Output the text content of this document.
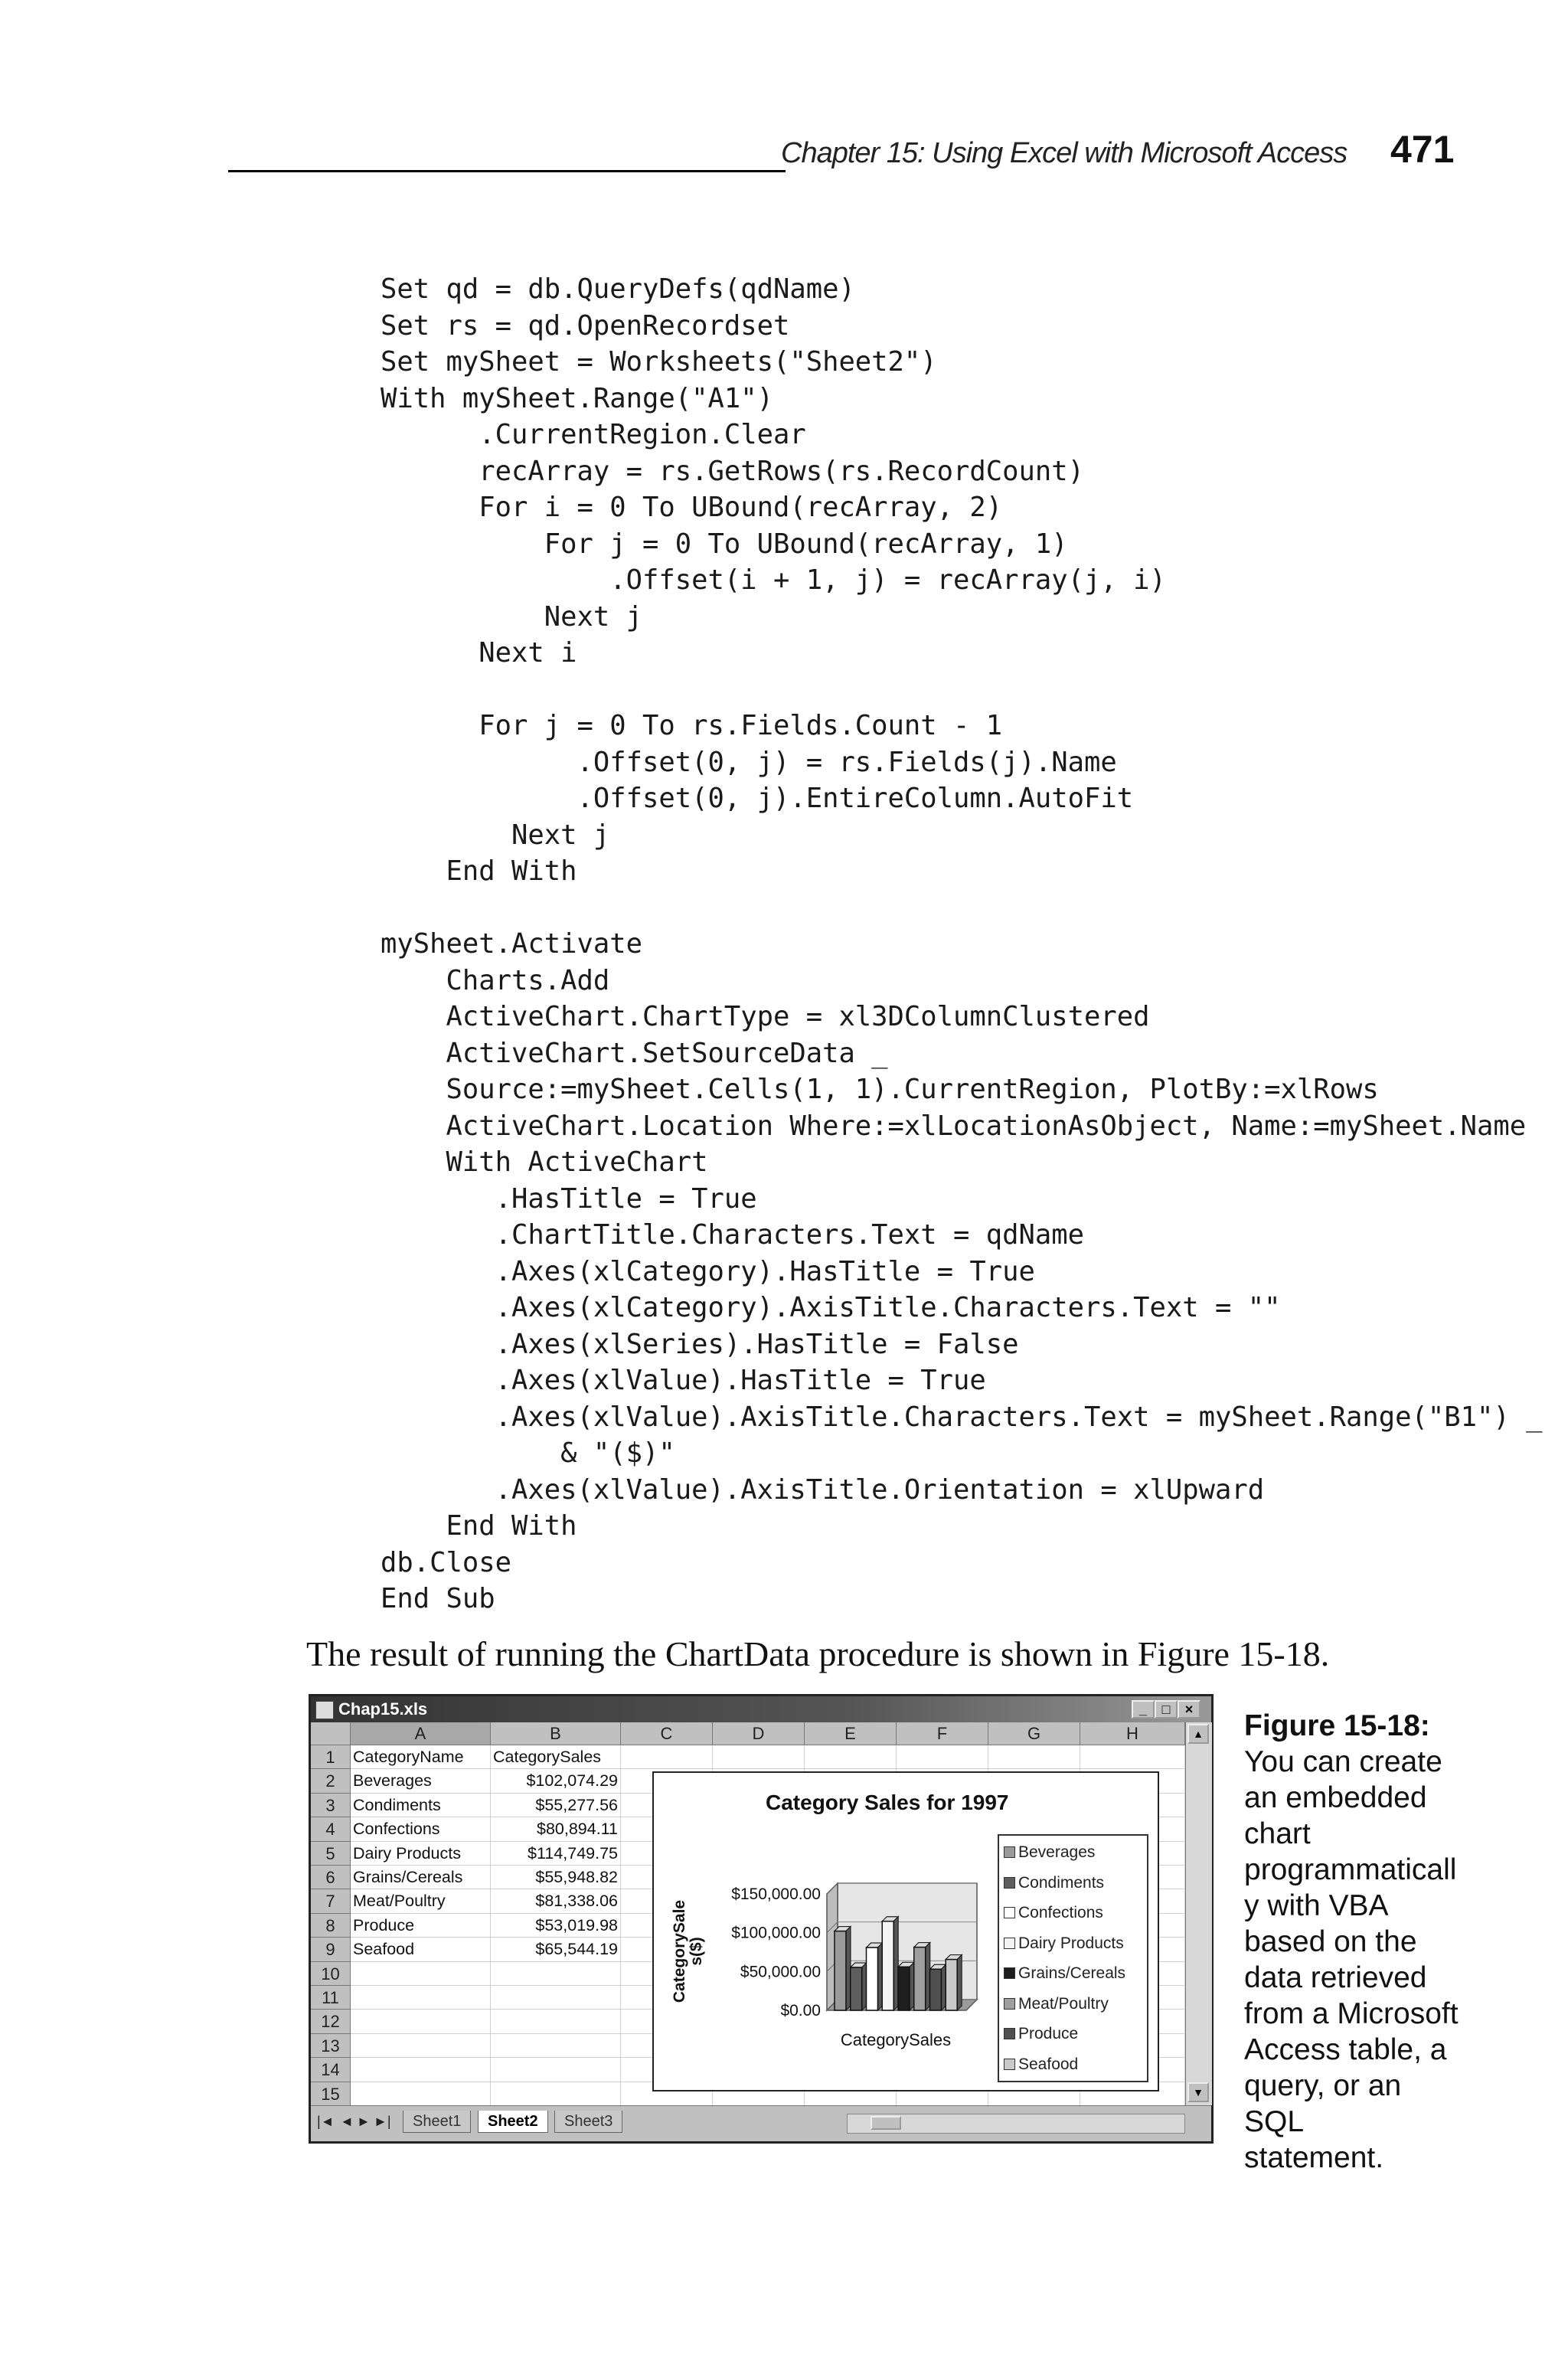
Chapter 15: Using Excel with Microsoft Access 471
Set qd = db.QueryDefs(qdName)
Set rs = qd.OpenRecordset
Set mySheet = Worksheets("Sheet2")
With mySheet.Range("A1")
.CurrentRegion.Clear
recArray = rs.GetRows(rs.RecordCount)
For i = 0 To UBound(recArray, 2)
For j = 0 To UBound(recArray, 1)
.Offset(i + 1, j) = recArray(j, i)
Next j
Next i

For j = 0 To rs.Fields.Count - 1
.Offset(0, j) = rs.Fields(j).Name
.Offset(0, j).EntireColumn.AutoFit
Next j
End With

mySheet.Activate
Charts.Add
ActiveChart.ChartType = xl3DColumnClustered
ActiveChart.SetSourceData _
Source:=mySheet.Cells(1, 1).CurrentRegion, PlotBy:=xlRows
ActiveChart.Location Where:=xlLocationAsObject, Name:=mySheet.Name
With ActiveChart
.HasTitle = True
.ChartTitle.Characters.Text = qdName
.Axes(xlCategory).HasTitle = True
.Axes(xlCategory).AxisTitle.Characters.Text = ""
.Axes(xlSeries).HasTitle = False
.Axes(xlValue).HasTitle = True
.Axes(xlValue).AxisTitle.Characters.Text = mySheet.Range("B1") _
& "($)"
.Axes(xlValue).AxisTitle.Orientation = xlUpward
End With
db.Close
End Sub

The result of running the ChartData procedure is shown in Figure 15-18.
Chap15.xls	_	□	×
A	B	C	D	E	F	G	H
1	CategoryName	CategorySales
2	Beverages	$102,074.29
3	Condiments	$55,277.56
4	Confections	$80,894.11
5	Dairy Products	$114,749.75
6	Grains/Cereals	$55,948.82
7	Meat/Poultry	$81,338.06
8	Produce	$53,019.98
9	Seafood	$65,544.19
10
11
12
13
14
15
▲
▼
|◄ ◄ ► ►|	Sheet1	Sheet2	Sheet3
$0.00
$50,000.00
$100,000.00
$150,000.00
CategorySales
CategorySale s($)
Category Sales for 1997
Beverages
Condiments
Confections
Dairy Products
Grains/Cereals
Meat/Poultry
Produce
Seafood
Figure 15-18:
You can create
an embedded
chart
programmaticall
y with VBA
based on the
data retrieved
from a Microsoft
Access table, a
query, or an SQL
statement.
